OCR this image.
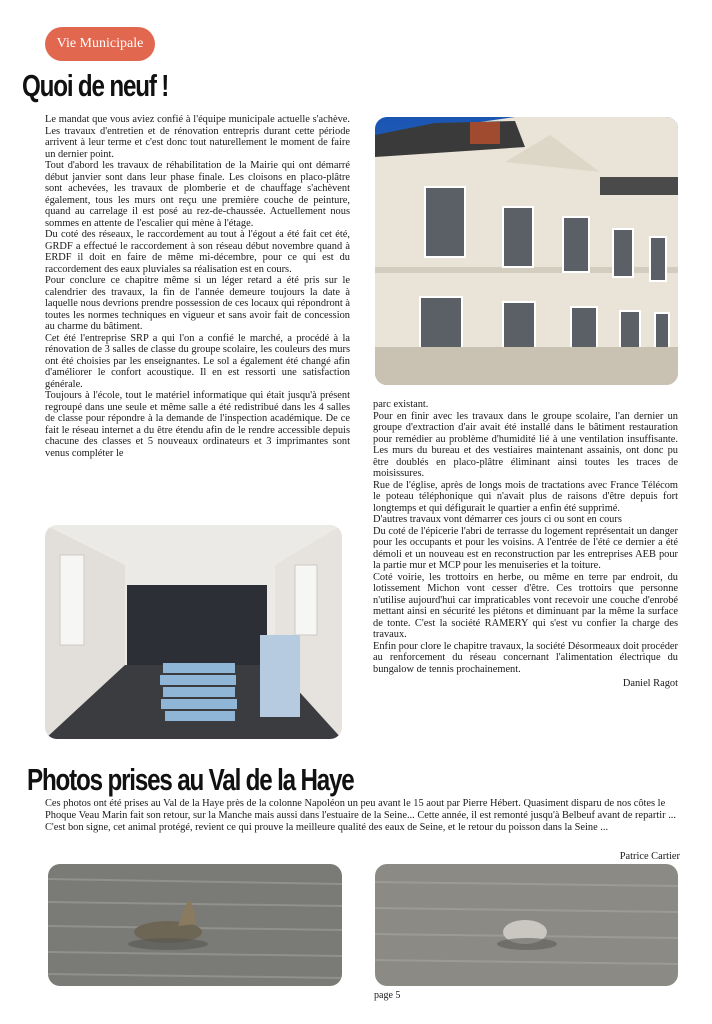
Vie Municipale
Quoi de neuf !

Le mandat que vous aviez confié à l'équipe municipale actuelle s'achève. Les travaux d'entretien et de rénovation entrepris durant cette période arrivent à leur terme et c'est donc tout naturellement le moment de faire un dernier point.

Tout d'abord les travaux de réhabilitation de la Mairie qui ont démarré début janvier sont dans leur phase finale. Les cloisons en placo-plâtre sont achevées, les travaux de plomberie et de chauffage s'achèvent également, tous les murs ont reçu une première couche de peinture, quand au carrelage il est posé au rez-de-chaussée. Actuellement nous sommes en attente de l'escalier qui mène à l'étage.

Du coté des réseaux, le raccordement au tout à l'égout a été fait cet été, GRDF a effectué le raccordement à son réseau début novembre quand à ERDF il doit en faire de même mi-décembre, pour ce qui est du raccordement des eaux pluviales sa réalisation est en cours.

Pour conclure ce chapitre même si un léger retard a été pris sur le calendrier des travaux, la fin de l'année demeure toujours la date à laquelle nous devrions prendre possession de ces locaux qui répondront à toutes les normes techniques en vigueur et sans avoir fait de concession au charme du bâtiment.

Cet été l'entreprise SRP a qui l'on a confié le marché, a procédé à la rénovation de 3 salles de classe du groupe scolaire, les couleurs des murs ont été choisies par les enseignantes. Le sol a également été changé afin d'améliorer le confort acoustique. Il en est ressorti une satisfaction générale.

Toujours à l'école, tout le matériel informatique qui était jusqu'à présent regroupé dans une seule et même salle a été redistribué dans les 4 salles de classe pour répondre à la demande de l'inspection académique. De ce fait le réseau internet a du être étendu afin de le rendre accessible depuis chacune des classes et 5 nouveaux ordinateurs et 3 imprimantes sont venus compléter le

parc existant.

Pour en finir avec les travaux dans le groupe scolaire, l'an dernier un groupe d'extraction d'air avait été installé dans le bâtiment restauration pour remédier au problème d'humidité lié à une ventilation insuffisante. Les murs du bureau et des vestiaires maintenant assainis, ont donc pu être doublés en placo-plâtre éliminant ainsi toutes les traces de moisissures.

Rue de l'église, après de longs mois de tractations avec France Télécom le poteau téléphonique qui n'avait plus de raisons d'être depuis fort longtemps et qui défigurait le quartier a enfin été supprimé.

D'autres travaux vont démarrer ces jours ci ou sont en cours

Du coté de l'épicerie l'abri de terrasse du logement représentait un danger pour les occupants et pour les voisins. A l'entrée de l'été ce dernier a été démoli et un nouveau est en reconstruction par les entreprises AEB pour la partie mur et MCP pour les menuiseries et la toiture.

Coté voirie, les trottoirs en herbe, ou même en terre par endroit, du lotissement Michon vont cesser d'être. Ces trottoirs que personne n'utilise aujourd'hui car impraticables vont recevoir une couche d'enrobé mettant ainsi en sécurité les piétons et diminuant par la même la surface de tonte. C'est la société RAMERY qui s'est vu confier la charge des travaux.

Enfin pour clore le chapitre travaux, la société Désormeaux doit procéder au renforcement du réseau concernant l'alimentation électrique du bungalow de tennis prochainement.

Daniel Ragot

Photos prises au Val de la Haye
Ces photos ont été prises au Val de la Haye près de la colonne Napoléon un peu avant le 15 aout par Pierre Hébert. Quasiment disparu de nos côtes le Phoque Veau Marin fait son retour, sur la Manche mais aussi dans l'estuaire de la Seine... Cette année, il est remonté jusqu'à Belbeuf avant de repartir ... C'est bon signe, cet animal protégé, revient ce qui prouve la meilleure qualité des eaux de Seine, et le retour du poisson dans la Seine ...
Patrice Cartier
page 5
